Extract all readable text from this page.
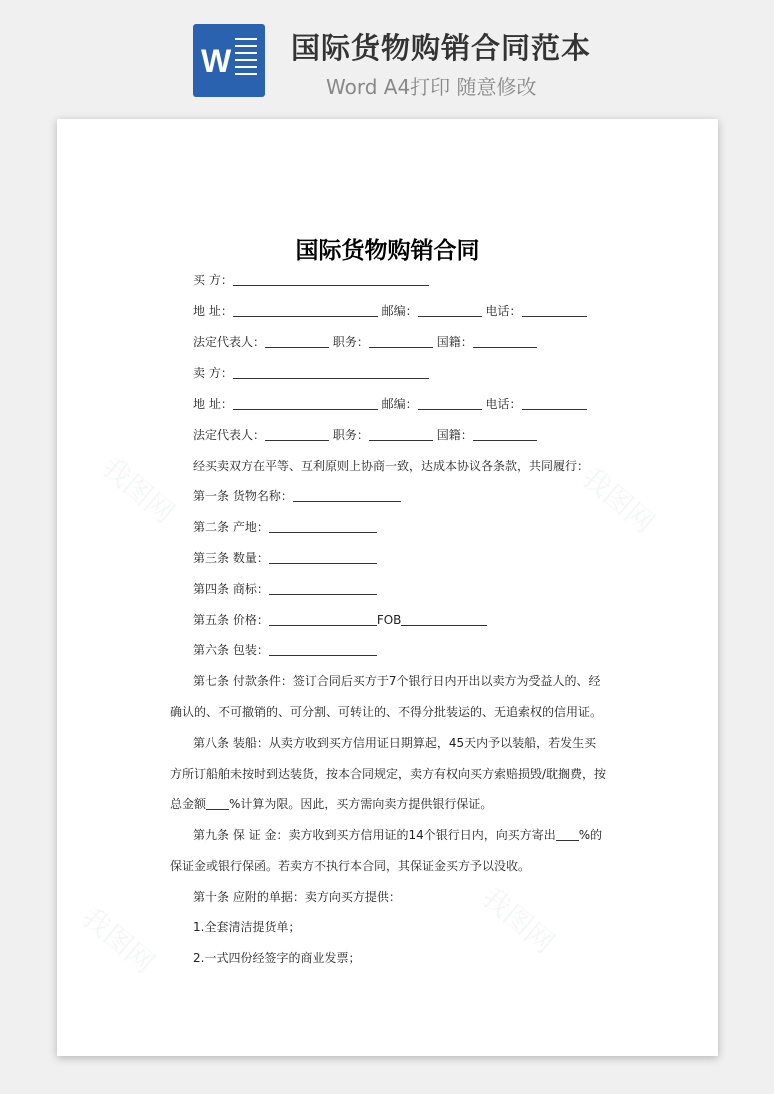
W 国际货物购销合同范本
Word A4打印 随意修改
我图网	我图网
我图网	我图网
国际货物购销合同
买 方：
地 址：	邮编：	电话：
法定代表人：	职务：	国籍：
卖 方：
地 址：	邮编：	电话：
法定代表人：	职务：	国籍：
经买卖双方在平等、互利原则上协商一致，达成本协议各条款，共同履行：
第一条 货物名称：
第二条 产地：
第三条 数量：
第四条 商标：
第五条 价格：	FOB
第六条 包装：
第七条 付款条件：签订合同后买方于7个银行日内开出以卖方为受益人的、经
确认的、不可撤销的、可分割、可转让的、不得分批装运的、无追索权的信用证。
第八条 装船：从卖方收到买方信用证日期算起，45天内予以装船，若发生买
方所订船舶未按时到达装货，按本合同规定，卖方有权向买方索赔损毁/耽搁费，按
总金额 %计算为限。因此，买方需向卖方提供银行保证。
第九条 保 证 金：卖方收到买方信用证的14个银行日内，向买方寄出 %的
保证金或银行保函。若卖方不执行本合同，其保证金买方予以没收。
第十条 应附的单据：卖方向买方提供：
1.全套清洁提货单；
2.一式四份经签字的商业发票；
